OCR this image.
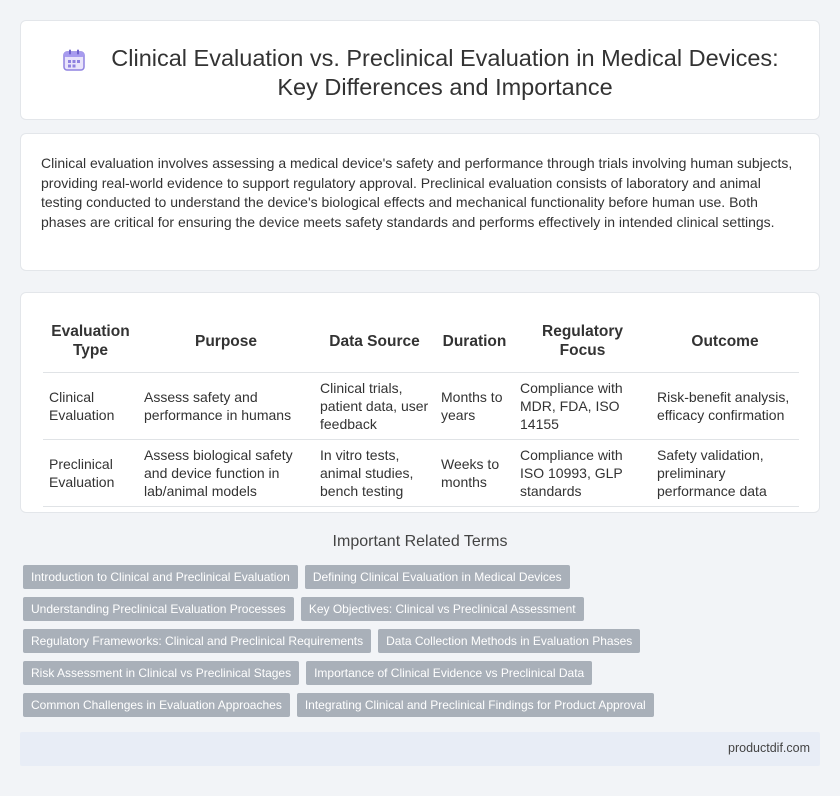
Clinical Evaluation vs. Preclinical Evaluation in Medical Devices:
Key Differences and Importance

Clinical evaluation involves assessing a medical device's safety and performance through trials involving human subjects, providing real-world evidence to support regulatory approval. Preclinical evaluation consists of laboratory and animal testing conducted to understand the device's biological effects and mechanical functionality before human use. Both phases are critical for ensuring the device meets safety standards and performs effectively in intended clinical settings.

Evaluation Type	Purpose	Data Source	Duration	Regulatory Focus	Outcome
Clinical Evaluation	Assess safety and performance in humans	Clinical trials, patient data, user feedback	Months to years	Compliance with MDR, FDA, ISO 14155	Risk-benefit analysis, efficacy confirmation
Preclinical Evaluation	Assess biological safety and device function in lab/animal models	In vitro tests, animal studies, bench testing	Weeks to months	Compliance with ISO 10993, GLP standards	Safety validation, preliminary performance data
Important Related Terms
Introduction to Clinical and Preclinical Evaluation	Defining Clinical Evaluation in Medical Devices
Understanding Preclinical Evaluation Processes	Key Objectives: Clinical vs Preclinical Assessment
Regulatory Frameworks: Clinical and Preclinical Requirements	Data Collection Methods in Evaluation Phases
Risk Assessment in Clinical vs Preclinical Stages	Importance of Clinical Evidence vs Preclinical Data
Common Challenges in Evaluation Approaches	Integrating Clinical and Preclinical Findings for Product Approval
productdif.com
